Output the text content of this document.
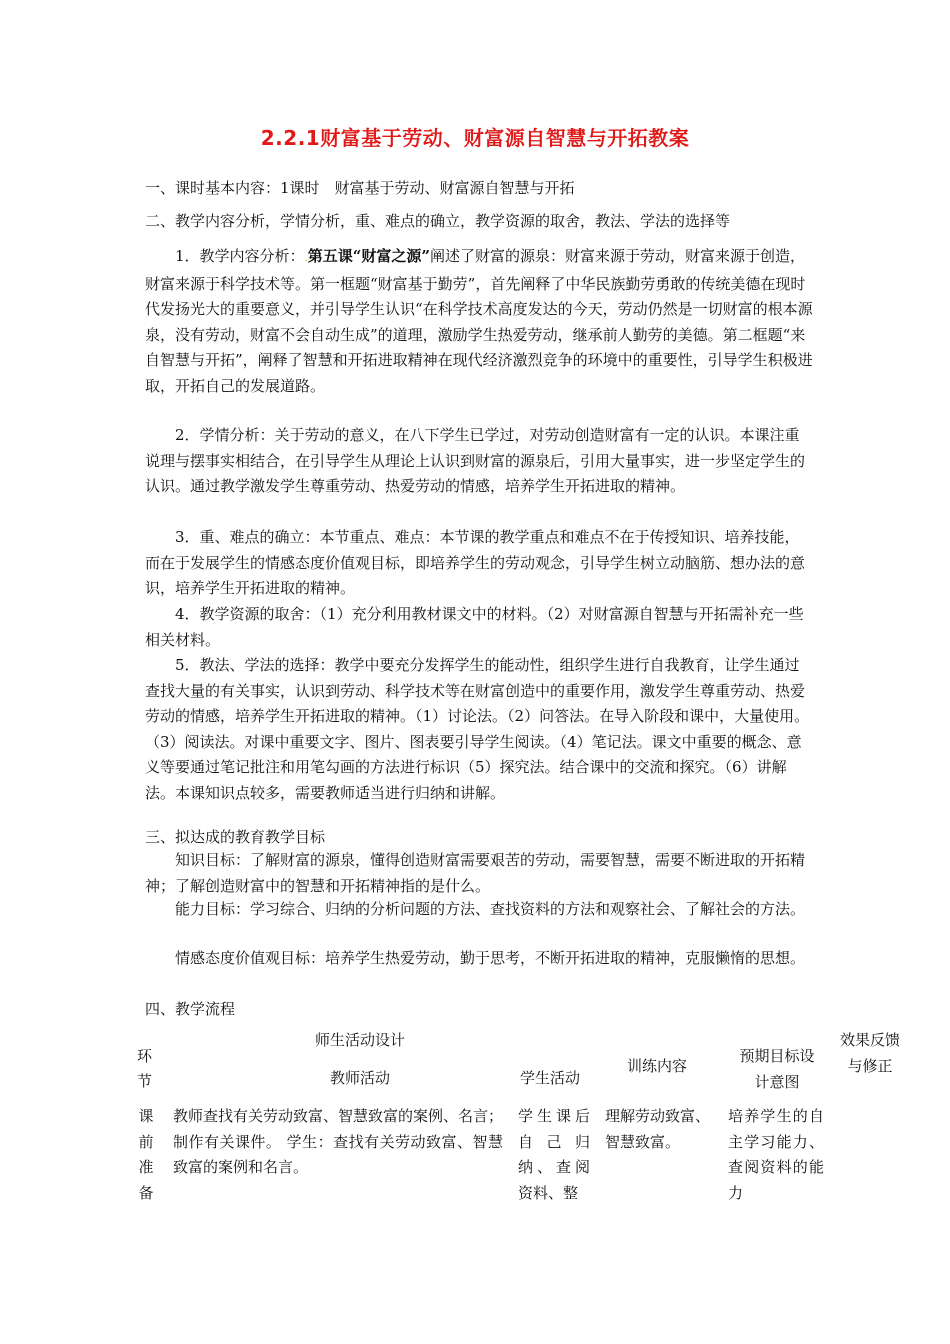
2.2.1财富基于劳动、财富源自智慧与开拓教案
一、课时基本内容：1课时　财富基于劳动、财富源自智慧与开拓
二、教学内容分析，学情分析，重、难点的确立，教学资源的取舍，教法、学法的选择等
1．教学内容分析：.第五课“财富之源”阐述了财富的源泉：财富来源于劳动，财富来源于创造，财富来源于科学技术等。第一框题“财富基于勤劳”，首先阐释了中华民族勤劳勇敢的传统美德在现时代发扬光大的重要意义，并引导学生认识“在科学技术高度发达的今天，劳动仍然是一切财富的根本源泉，没有劳动，财富不会自动生成”的道理，激励学生热爱劳动，继承前人勤劳的美德。第二框题“来自智慧与开拓”，阐释了智慧和开拓进取精神在现代经济激烈竞争的环境中的重要性，引导学生积极进取，开拓自己的发展道路。
2．学情分析：关于劳动的意义，在八下学生已学过，对劳动创造财富有一定的认识。本课注重说理与摆事实相结合，在引导学生从理论上认识到财富的源泉后，引用大量事实，进一步坚定学生的认识。通过教学激发学生尊重劳动、热爱劳动的情感，培养学生开拓进取的精神。
3．重、难点的确立：本节重点、难点：本节课的教学重点和难点不在于传授知识、培养技能，而在于发展学生的情感态度价值观目标，即培养学生的劳动观念，引导学生树立动脑筋、想办法的意识，培养学生开拓进取的精神。
4．教学资源的取舍：（1）充分利用教材课文中的材料。（2）对财富源自智慧与开拓需补充一些相关材料。
5．教法、学法的选择：教学中要充分发挥学生的能动性，组织学生进行自我教育，让学生通过查找大量的有关事实，认识到劳动、科学技术等在财富创造中的重要作用，激发学生尊重劳动、热爱劳动的情感，培养学生开拓进取的精神。（1）讨论法。（2）问答法。在导入阶段和课中，大量使用。（3）阅读法。对课中重要文字、图片、图表要引导学生阅读。（4）笔记法。课文中重要的概念、意义等要通过笔记批注和用笔勾画的方法进行标识（5）探究法。结合课中的交流和探究。（6）讲解法。本课知识点较多，需要教师适当进行归纳和讲解。
三、拟达成的教育教学目标
知识目标：了解财富的源泉，懂得创造财富需要艰苦的劳动，需要智慧，需要不断进取的开拓精神；了解创造财富中的智慧和开拓精神指的是什么。
能力目标：学习综合、归纳的分析问题的方法、查找资料的方法和观察社会、了解社会的方法。
情感态度价值观目标：培养学生热爱劳动，勤于思考，不断开拓进取的精神，克服懒惰的思想。
四、教学流程
环
节
师生活动设计
教师活动	学生活动
训练内容
预期目标设计意图
效果反馈与修正
课
前
准
备
教师查找有关劳动致富、智慧致富的案例、名言；制作有关课件。 学生：查找有关劳动致富、智慧致富的案例和名言。
学生课后自己归纳、查阅资料、整
理解劳动致富、智慧致富。
培养学生的自主学习能力、查阅资料的能力
